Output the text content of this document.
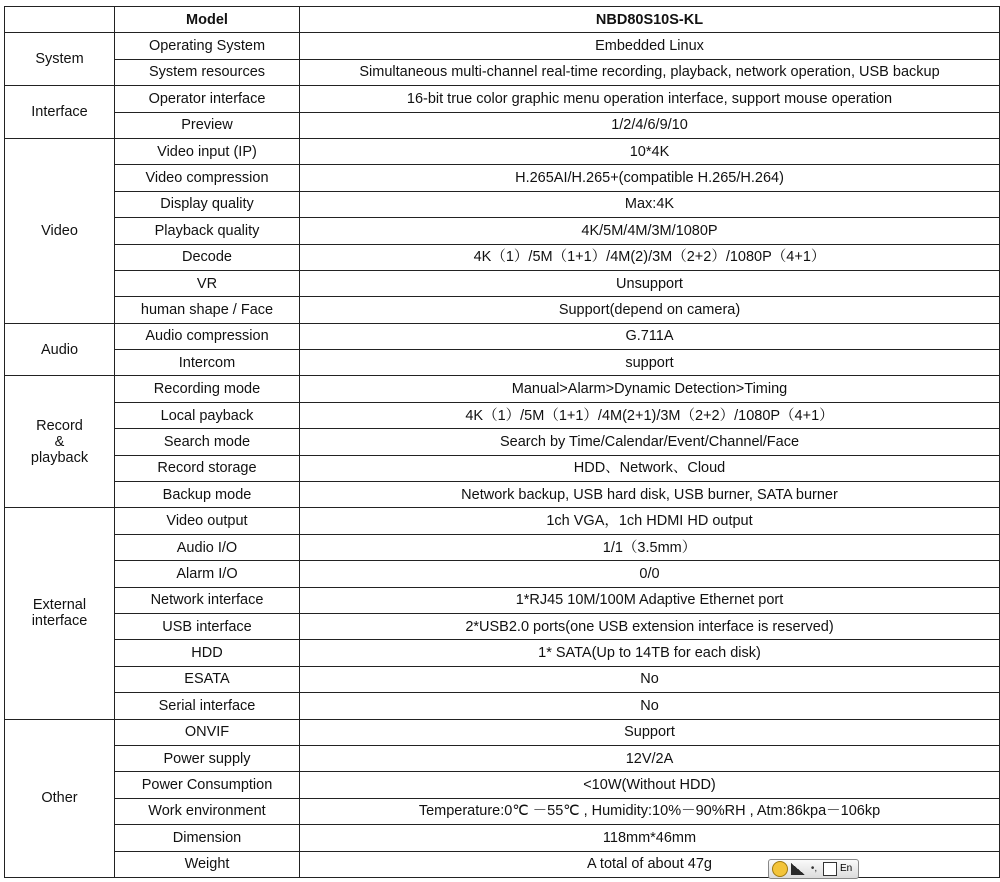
	Model	NBD80S10S-KL

System	Operating System	Embedded Linux
	System resources	Simultaneous multi-channel real-time recording, playback, network operation, USB backup

Interface	Operator interface	16-bit true color graphic menu operation interface, support mouse operation
	Preview	1/2/4/6/9/10

Video	Video input (IP)	10*4K
	Video compression	H.265AI/H.265+(compatible H.265/H.264)
	Display quality	Max:4K
	Playback quality	4K/5M/4M/3M/1080P
	Decode	4K（1）/5M（1+1）/4M(2)/3M（2+2）/1080P（4+1）
	VR	Unsupport
	human shape / Face	Support(depend on camera)

Audio	Audio compression	G.711A
	Intercom	support

Record
&
playback	Recording mode	Manual>Alarm>Dynamic Detection>Timing
	Local payback	4K（1）/5M（1+1）/4M(2+1)/3M（2+2）/1080P（4+1）
	Search mode	Search by Time/Calendar/Event/Channel/Face
	Record storage	HDD、Network、Cloud
	Backup mode	Network backup, USB hard disk, USB burner, SATA burner

External
interface	Video output	1ch VGA，1ch HDMI HD output
	Audio I/O	1/1（3.5mm）
	Alarm I/O	0/0
	Network interface	1*RJ45 10M/100M Adaptive Ethernet port
	USB interface	2*USB2.0 ports(one USB extension interface is reserved)
	HDD	1* SATA(Up to 14TB for each disk)
	ESATA	No
	Serial interface	No

Other	ONVIF	Support
	Power supply	12V/2A
	Power Consumption	<10W(Without HDD)
	Work environment	Temperature:0℃ －55℃ , Humidity:10%－90%RH , Atm:86kpa－106kp
	Dimension	118mm*46mm
	Weight	A total of about 47g	•, En
